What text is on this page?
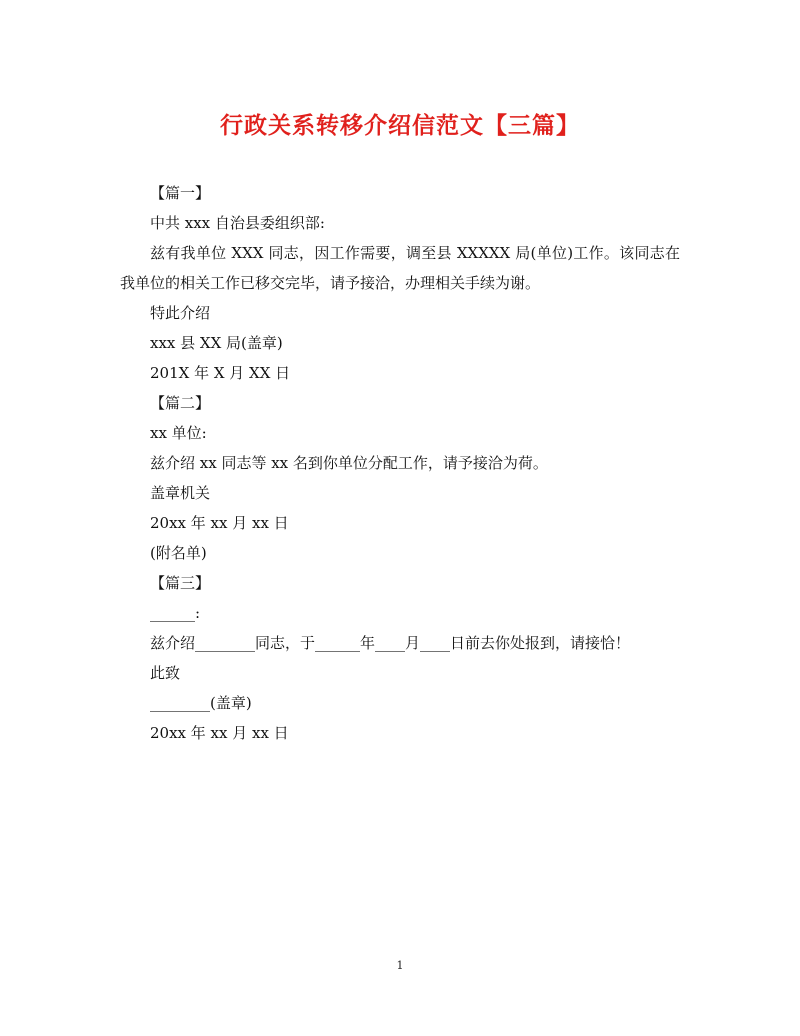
行政关系转移介绍信范文【三篇】

【篇一】

中共 xxx 自治县委组织部:

兹有我单位 XXX 同志，因工作需要，调至县 XXXXX 局(单位)工作。该同志在我单位的相关工作已移交完毕，请予接洽，办理相关手续为谢。

特此介绍

xxx 县 XX 局(盖章)

201X 年 X 月 XX 日

【篇二】

xx 单位:

兹介绍 xx 同志等 xx 名到你单位分配工作，请予接洽为荷。

盖章机关

20xx 年 xx 月 xx 日

(附名单)

【篇三】

______:

兹介绍________同志，于______年____月____日前去你处报到，请接恰！

此致

________(盖章)

20xx 年 xx 月 xx 日

1
